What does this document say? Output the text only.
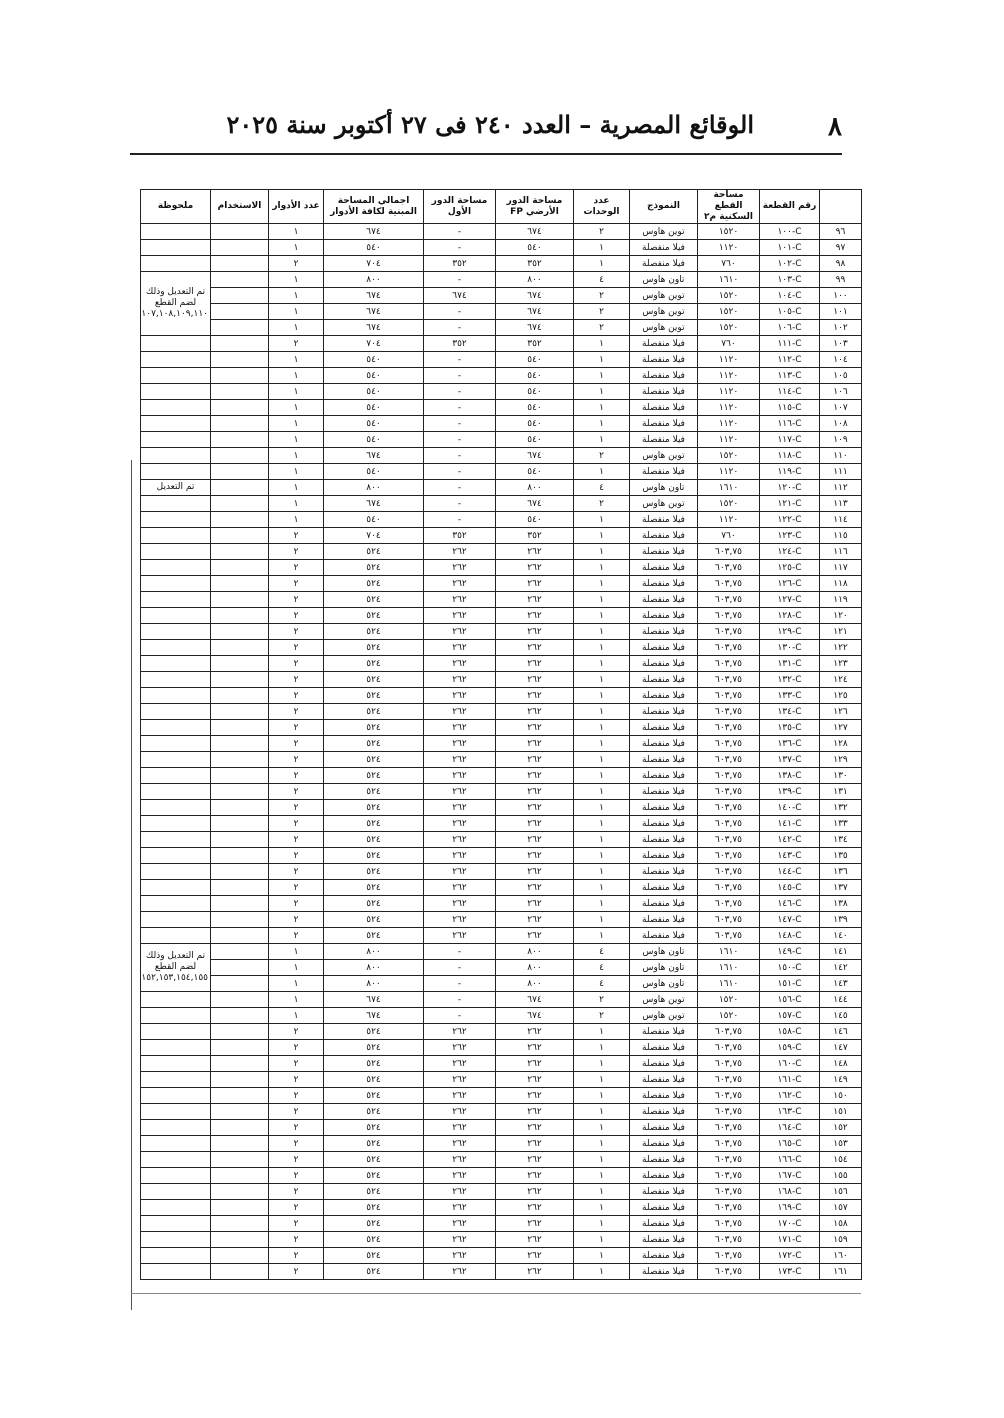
٨
الوقائع المصرية – العدد ٢٤٠ فى ٢٧ أكتوبر سنة ٢٠٢٥
	رقم القطعة	مساحة القطع السكنية م٢	النموذج	عدد الوحدات	مساحة الدور الأرضي FP	مساحة الدور الأول	اجمالي المساحة المبنية لكافة الأدوار	عدد الأدوار	الاستخدام	ملحوظة
٩٦	C-١٠٠	١٥٢٠	توين هاوس	٢	٦٧٤	-	٦٧٤	١		
٩٧	C-١٠١	١١٢٠	فيلا منفصلة	١	٥٤٠	-	٥٤٠	١		
٩٨	C-١٠٢	٧٦٠	فيلا منفصلة	١	٣٥٢	٣٥٢	٧٠٤	٢		
٩٩	C-١٠٣	١٦١٠	تاون هاوس	٤	٨٠٠	-	٨٠٠	١		تم التعديل وذلك لضم القطع ١٠٧,١٠٨,١٠٩,١١٠
١٠٠	C-١٠٤	١٥٢٠	توين هاوس	٢	٦٧٤	٦٧٤	٦٧٤	١		
١٠١	C-١٠٥	١٥٢٠	توين هاوس	٢	٦٧٤	-	٦٧٤	١		
١٠٢	C-١٠٦	١٥٢٠	توين هاوس	٢	٦٧٤	-	٦٧٤	١		
١٠٣	C-١١١	٧٦٠	فيلا منفصلة	١	٣٥٢	٣٥٢	٧٠٤	٢		
١٠٤	C-١١٢	١١٢٠	فيلا منفصلة	١	٥٤٠	-	٥٤٠	١		
١٠٥	C-١١٣	١١٢٠	فيلا منفصلة	١	٥٤٠	-	٥٤٠	١		
١٠٦	C-١١٤	١١٢٠	فيلا منفصلة	١	٥٤٠	-	٥٤٠	١		
١٠٧	C-١١٥	١١٢٠	فيلا منفصلة	١	٥٤٠	-	٥٤٠	١		
١٠٨	C-١١٦	١١٢٠	فيلا منفصلة	١	٥٤٠	-	٥٤٠	١		
١٠٩	C-١١٧	١١٢٠	فيلا منفصلة	١	٥٤٠	-	٥٤٠	١		
١١٠	C-١١٨	١٥٢٠	توين هاوس	٢	٦٧٤	-	٦٧٤	١		
١١١	C-١١٩	١١٢٠	فيلا منفصلة	١	٥٤٠	-	٥٤٠	١		
١١٢	C-١٢٠	١٦١٠	تاون هاوس	٤	٨٠٠	-	٨٠٠	١		تم التعديل
١١٣	C-١٢١	١٥٢٠	توين هاوس	٢	٦٧٤	-	٦٧٤	١		
١١٤	C-١٢٢	١١٢٠	فيلا منفصلة	١	٥٤٠	-	٥٤٠	١		
١١٥	C-١٢٣	٧٦٠	فيلا منفصلة	١	٣٥٢	٣٥٢	٧٠٤	٢		
١١٦	C-١٢٤	٦٠٣,٧٥	فيلا منفصلة	١	٢٦٢	٢٦٢	٥٢٤	٢		
١١٧	C-١٢٥	٦٠٣,٧٥	فيلا منفصلة	١	٢٦٢	٢٦٢	٥٢٤	٢		
١١٨	C-١٢٦	٦٠٣,٧٥	فيلا منفصلة	١	٢٦٢	٢٦٢	٥٢٤	٢		
١١٩	C-١٢٧	٦٠٣,٧٥	فيلا منفصلة	١	٢٦٢	٢٦٢	٥٢٤	٢		
١٢٠	C-١٢٨	٦٠٣,٧٥	فيلا منفصلة	١	٢٦٢	٢٦٢	٥٢٤	٢		
١٢١	C-١٢٩	٦٠٣,٧٥	فيلا منفصلة	١	٢٦٢	٢٦٢	٥٢٤	٢		
١٢٢	C-١٣٠	٦٠٣,٧٥	فيلا منفصلة	١	٢٦٢	٢٦٢	٥٢٤	٢		
١٢٣	C-١٣١	٦٠٣,٧٥	فيلا منفصلة	١	٢٦٢	٢٦٢	٥٢٤	٢		
١٢٤	C-١٣٢	٦٠٣,٧٥	فيلا منفصلة	١	٢٦٢	٢٦٢	٥٢٤	٢		
١٢٥	C-١٣٣	٦٠٣,٧٥	فيلا منفصلة	١	٢٦٢	٢٦٢	٥٢٤	٢		
١٢٦	C-١٣٤	٦٠٣,٧٥	فيلا منفصلة	١	٢٦٢	٢٦٢	٥٢٤	٢		
١٢٧	C-١٣٥	٦٠٣,٧٥	فيلا منفصلة	١	٢٦٢	٢٦٢	٥٢٤	٢		
١٢٨	C-١٣٦	٦٠٣,٧٥	فيلا منفصلة	١	٢٦٢	٢٦٢	٥٢٤	٢		
١٢٩	C-١٣٧	٦٠٣,٧٥	فيلا منفصلة	١	٢٦٢	٢٦٢	٥٢٤	٢		
١٣٠	C-١٣٨	٦٠٣,٧٥	فيلا منفصلة	١	٢٦٢	٢٦٢	٥٢٤	٢		
١٣١	C-١٣٩	٦٠٣,٧٥	فيلا منفصلة	١	٢٦٢	٢٦٢	٥٢٤	٢		
١٣٢	C-١٤٠	٦٠٣,٧٥	فيلا منفصلة	١	٢٦٢	٢٦٢	٥٢٤	٢		
١٣٣	C-١٤١	٦٠٣,٧٥	فيلا منفصلة	١	٢٦٢	٢٦٢	٥٢٤	٢		
١٣٤	C-١٤٢	٦٠٣,٧٥	فيلا منفصلة	١	٢٦٢	٢٦٢	٥٢٤	٢		
١٣٥	C-١٤٣	٦٠٣,٧٥	فيلا منفصلة	١	٢٦٢	٢٦٢	٥٢٤	٢		
١٣٦	C-١٤٤	٦٠٣,٧٥	فيلا منفصلة	١	٢٦٢	٢٦٢	٥٢٤	٢		
١٣٧	C-١٤٥	٦٠٣,٧٥	فيلا منفصلة	١	٢٦٢	٢٦٢	٥٢٤	٢		
١٣٨	C-١٤٦	٦٠٣,٧٥	فيلا منفصلة	١	٢٦٢	٢٦٢	٥٢٤	٢		
١٣٩	C-١٤٧	٦٠٣,٧٥	فيلا منفصلة	١	٢٦٢	٢٦٢	٥٢٤	٢		
١٤٠	C-١٤٨	٦٠٣,٧٥	فيلا منفصلة	١	٢٦٢	٢٦٢	٥٢٤	٢		
١٤١	C-١٤٩	١٦١٠	تاون هاوس	٤	٨٠٠	-	٨٠٠	١		تم التعديل وذلك لضم القطع ١٥٢,١٥٣,١٥٤,١٥٥
١٤٢	C-١٥٠	١٦١٠	تاون هاوس	٤	٨٠٠	-	٨٠٠	١		
١٤٣	C-١٥١	١٦١٠	تاون هاوس	٤	٨٠٠	-	٨٠٠	١		
١٤٤	C-١٥٦	١٥٢٠	توين هاوس	٢	٦٧٤	-	٦٧٤	١		
١٤٥	C-١٥٧	١٥٢٠	توين هاوس	٢	٦٧٤	-	٦٧٤	١		
١٤٦	C-١٥٨	٦٠٣,٧٥	فيلا منفصلة	١	٢٦٢	٢٦٢	٥٢٤	٢		
١٤٧	C-١٥٩	٦٠٣,٧٥	فيلا منفصلة	١	٢٦٢	٢٦٢	٥٢٤	٢		
١٤٨	C-١٦٠	٦٠٣,٧٥	فيلا منفصلة	١	٢٦٢	٢٦٢	٥٢٤	٢		
١٤٩	C-١٦١	٦٠٣,٧٥	فيلا منفصلة	١	٢٦٢	٢٦٢	٥٢٤	٢		
١٥٠	C-١٦٢	٦٠٣,٧٥	فيلا منفصلة	١	٢٦٢	٢٦٢	٥٢٤	٢		
١٥١	C-١٦٣	٦٠٣,٧٥	فيلا منفصلة	١	٢٦٢	٢٦٢	٥٢٤	٢		
١٥٢	C-١٦٤	٦٠٣,٧٥	فيلا منفصلة	١	٢٦٢	٢٦٢	٥٢٤	٢		
١٥٣	C-١٦٥	٦٠٣,٧٥	فيلا منفصلة	١	٢٦٢	٢٦٢	٥٢٤	٢		
١٥٤	C-١٦٦	٦٠٣,٧٥	فيلا منفصلة	١	٢٦٢	٢٦٢	٥٢٤	٢		
١٥٥	C-١٦٧	٦٠٣,٧٥	فيلا منفصلة	١	٢٦٢	٢٦٢	٥٢٤	٢		
١٥٦	C-١٦٨	٦٠٣,٧٥	فيلا منفصلة	١	٢٦٢	٢٦٢	٥٢٤	٢		
١٥٧	C-١٦٩	٦٠٣,٧٥	فيلا منفصلة	١	٢٦٢	٢٦٢	٥٢٤	٢		
١٥٨	C-١٧٠	٦٠٣,٧٥	فيلا منفصلة	١	٢٦٢	٢٦٢	٥٢٤	٢		
١٥٩	C-١٧١	٦٠٣,٧٥	فيلا منفصلة	١	٢٦٢	٢٦٢	٥٢٤	٢		
١٦٠	C-١٧٢	٦٠٣,٧٥	فيلا منفصلة	١	٢٦٢	٢٦٢	٥٢٤	٢		
١٦١	C-١٧٣	٦٠٣,٧٥	فيلا منفصلة	١	٢٦٢	٢٦٢	٥٢٤	٢		
